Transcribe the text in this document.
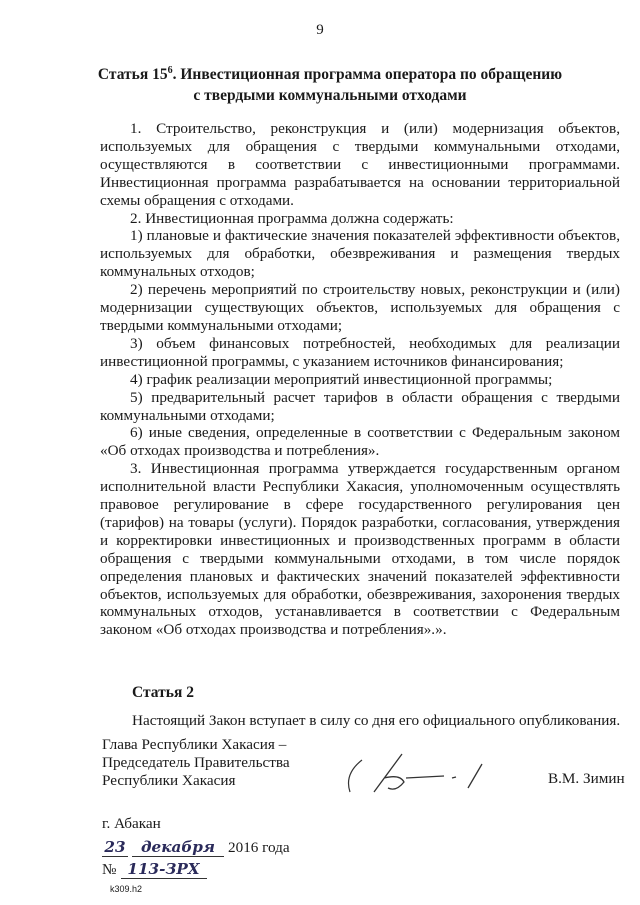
9
Статья $15^6$. Инвестиционная программа оператора по обращению
с твердыми коммунальными отходами

1. Строительство, реконструкция и (или) модернизация объектов, используемых для обращения с твердыми коммунальными отходами, осуществляются в соответствии с инвестиционными программами. Инвестиционная программа разрабатывается на основании территориальной схемы обращения с отходами.

2. Инвестиционная программа должна содержать:

1) плановые и фактические значения показателей эффективности объектов, используемых для обработки, обезвреживания и размещения твердых коммунальных отходов;

2) перечень мероприятий по строительству новых, реконструкции и (или) модернизации существующих объектов, используемых для обращения с твердыми коммунальными отходами;

3) объем финансовых потребностей, необходимых для реализации инвестиционной программы, с указанием источников финансирования;

4) график реализации мероприятий инвестиционной программы;

5) предварительный расчет тарифов в области обращения с твердыми коммунальными отходами;

6) иные сведения, определенные в соответствии с Федеральным законом «Об отходах производства и потребления».

3. Инвестиционная программа утверждается государственным органом исполнительной власти Республики Хакасия, уполномоченным осуществлять правовое регулирование в сфере государственного регулирования цен (тарифов) на товары (услуги). Порядок разработки, согласования, утверждения и корректировки инвестиционных и производственных программ в области обращения с твердыми коммунальными отходами, в том числе порядок определения плановых и фактических значений показателей эффективности объектов, используемых для обработки, обезвреживания, захоронения твердых коммунальных отходов, устанавливается в соответствии с Федеральным законом «Об отходах производства и потребления».».

Статья 2
Настоящий Закон вступает в силу со дня его официального опубликования.
Глава Республики Хакасия –
Председатель Правительства
Республики Хакасия	В.М. Зимин
г. Абакан
23	декабря 2016 года
№ 113-ЗРХ
k309.h2
